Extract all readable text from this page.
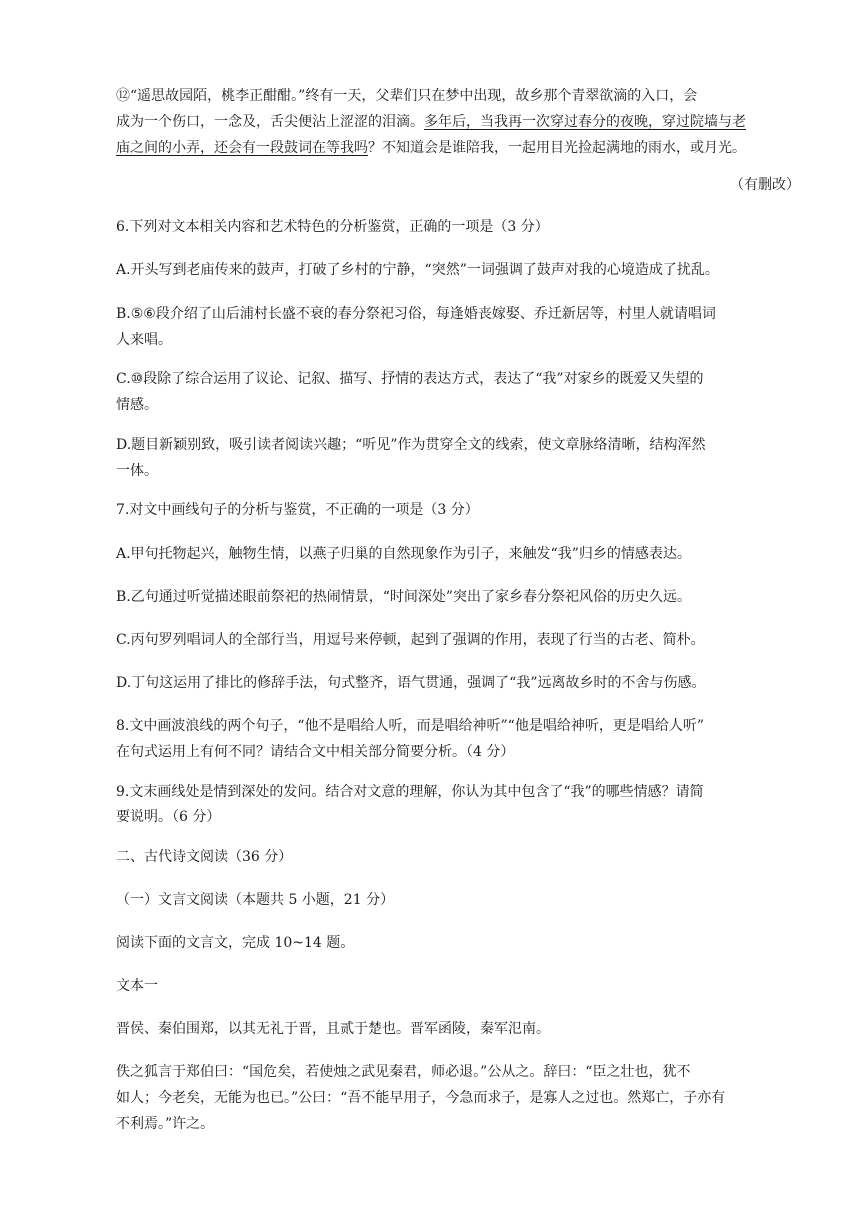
⑫“遥思故园陌，桃李正酣酣。”终有一天，父辈们只在梦中出现，故乡那个青翠欲滴的入口，会
成为一个伤口，一念及，舌尖便沾上涩涩的泪滴。多年后，当我再一次穿过春分的夜晚，穿过院墙与老
庙之间的小弄，还会有一段鼓词在等我吗？不知道会是谁陪我，一起用目光捡起满地的雨水，或月光。
（有删改）
6.下列对文本相关内容和艺术特色的分析鉴赏，正确的一项是（3 分）
A.开头写到老庙传来的鼓声，打破了乡村的宁静，“突然”一词强调了鼓声对我的心境造成了扰乱。
B.⑤⑥段介绍了山后浦村长盛不衰的春分祭祀习俗，每逢婚丧嫁娶、乔迁新居等，村里人就请唱词
人来唱。
C.⑩段除了综合运用了议论、记叙、描写、抒情的表达方式，表达了“我”对家乡的既爱又失望的
情感。
D.题目新颖别致，吸引读者阅读兴趣；“听见”作为贯穿全文的线索，使文章脉络清晰，结构浑然
一体。
7.对文中画线句子的分析与鉴赏，不正确的一项是（3 分）
A.甲句托物起兴，触物生情，以燕子归巢的自然现象作为引子，来触发“我”归乡的情感表达。
B.乙句通过听觉描述眼前祭祀的热闹情景，“时间深处”突出了家乡春分祭祀风俗的历史久远。
C.丙句罗列唱词人的全部行当，用逗号来停顿，起到了强调的作用，表现了行当的古老、简朴。
D.丁句这运用了排比的修辞手法，句式整齐，语气贯通，强调了“我”远离故乡时的不舍与伤感。
8.文中画波浪线的两个句子，“他不是唱给人听，而是唱给神听”“他是唱给神听，更是唱给人听”
在句式运用上有何不同？请结合文中相关部分简要分析。（4 分）
9.文末画线处是情到深处的发问。结合对文意的理解，你认为其中包含了“我”的哪些情感？请简
要说明。（6 分）
二、古代诗文阅读（36 分）
（一）文言文阅读（本题共 5 小题，21 分）
阅读下面的文言文，完成 10~14 题。
文本一
晋侯、秦伯围郑，以其无礼于晋，且贰于楚也。晋军函陵，秦军氾南。
佚之狐言于郑伯曰：“国危矣，若使烛之武见秦君，师必退。”公从之。辞曰：“臣之壮也，犹不
如人；今老矣，无能为也已。”公曰：“吾不能早用子，今急而求子，是寡人之过也。然郑亡，子亦有
不利焉。”许之。
